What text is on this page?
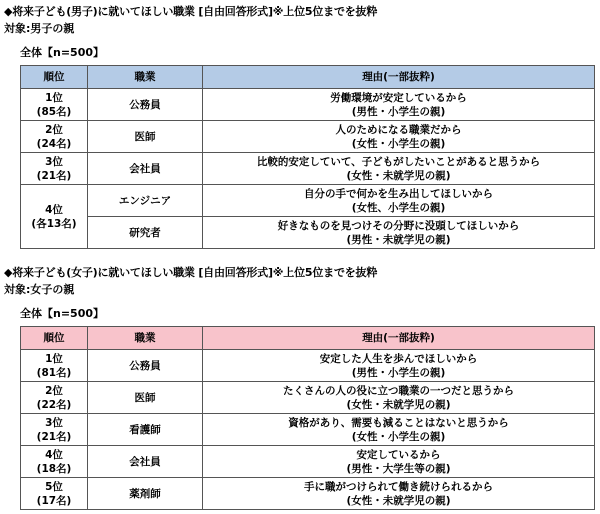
◆将来子ども(男子)に就いてほしい職業 [自由回答形式]※上位5位までを抜粋
対象:男子の親
全体【n=500】
順位	職業	理由(一部抜粋)

1位
(85名)	公務員	労働環境が安定しているから
(男性・小学生の親)

2位
(24名)	医師	人のためになる職業だから
(女性・小学生の親)

3位
(21名)	会社員	比較的安定していて、子どもがしたいことがあると思うから
(女性・未就学児の親)

4位
(各13名)	エンジニア	自分の手で何かを生み出してほしいから
(女性、小学生の親)

	研究者	好きなものを見つけその分野に没頭してほしいから
(男性・未就学児の親)
◆将来子ども(女子)に就いてほしい職業 [自由回答形式]※上位5位までを抜粋
対象:女子の親
全体【n=500】
順位	職業	理由(一部抜粋)

1位
(81名)	公務員	安定した人生を歩んでほしいから
(男性・小学生の親)

2位
(22名)	医師	たくさんの人の役に立つ職業の一つだと思うから
(女性・未就学児の親)

3位
(21名)	看護師	資格があり、需要も減ることはないと思うから
(女性・小学生の親)

4位
(18名)	会社員	安定しているから
(男性・大学生等の親)

5位
(17名)	薬剤師	手に職がつけられて働き続けられるから
(女性・未就学児の親)
